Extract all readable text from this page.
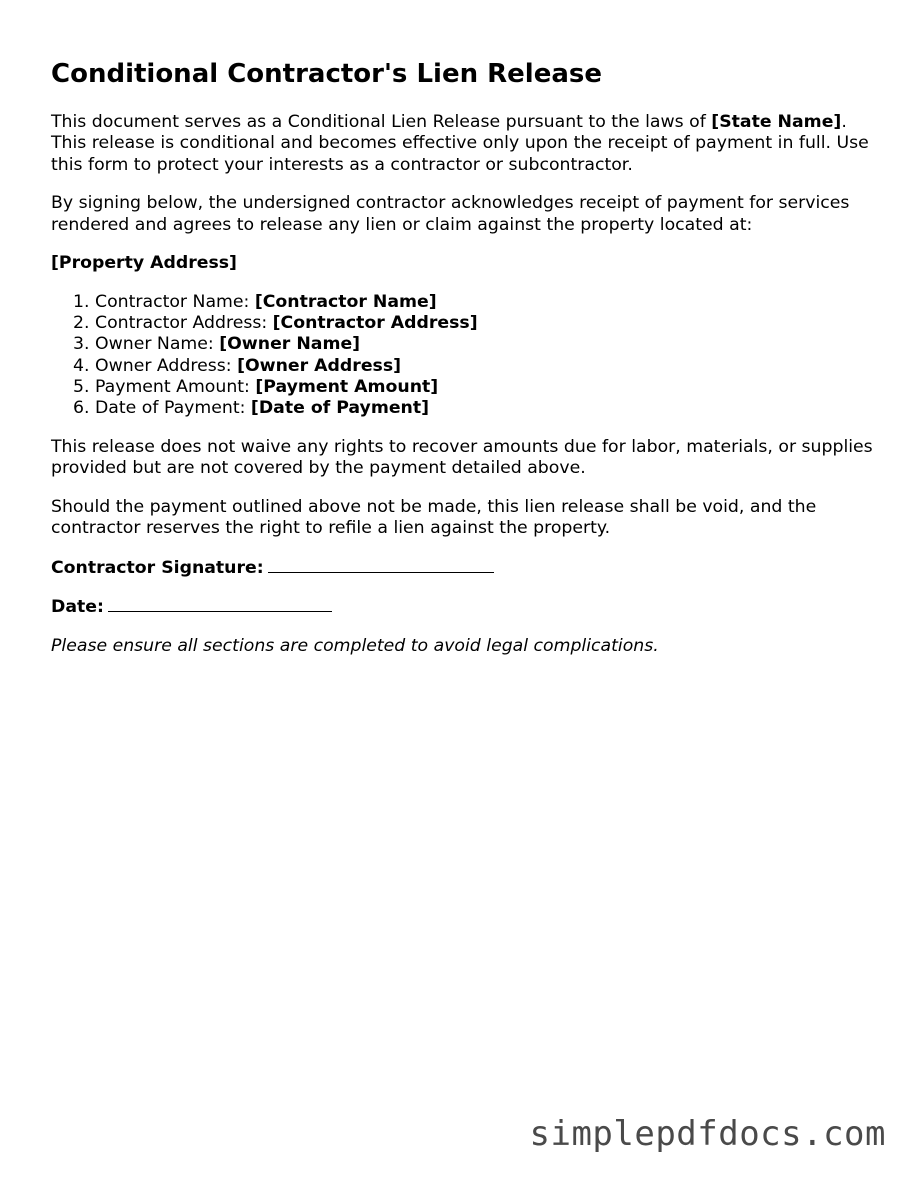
Conditional Contractor's Lien Release

This document serves as a Conditional Lien Release pursuant to the laws of [State Name]. This release is conditional and becomes effective only upon the receipt of payment in full. Use this form to protect your interests as a contractor or subcontractor.

By signing below, the undersigned contractor acknowledges receipt of payment for services rendered and agrees to release any lien or claim against the property located at:

[Property Address]

1. Contractor Name: [Contractor Name]
2. Contractor Address: [Contractor Address]
3. Owner Name: [Owner Name]
4. Owner Address: [Owner Address]
5. Payment Amount: [Payment Amount]
6. Date of Payment: [Date of Payment]

This release does not waive any rights to recover amounts due for labor, materials, or supplies provided but are not covered by the payment detailed above.

Should the payment outlined above not be made, this lien release shall be void, and the contractor reserves the right to refile a lien against the property.

Contractor Signature:

Date:

Please ensure all sections are completed to avoid legal complications.

simplepdfdocs.com
